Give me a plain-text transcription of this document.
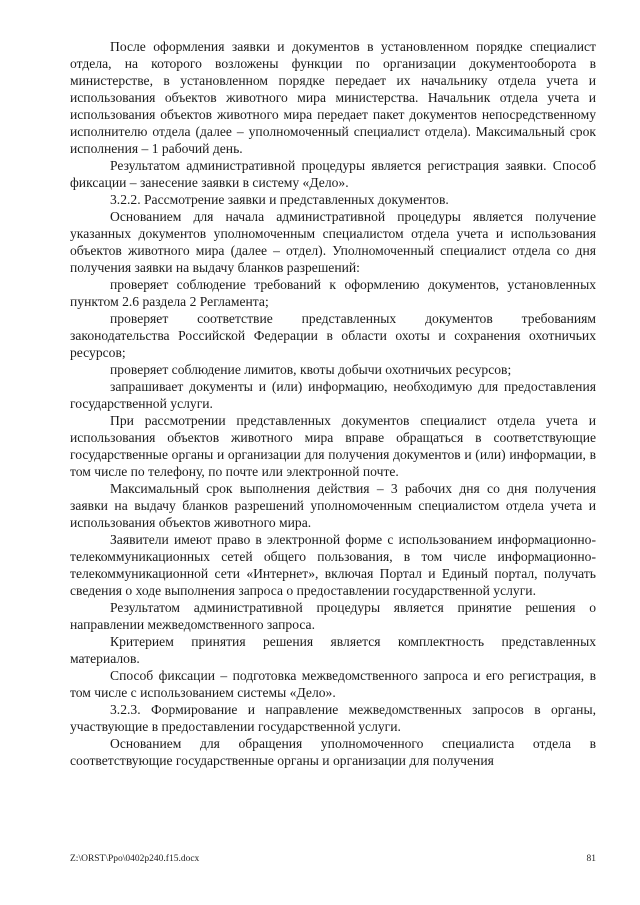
После оформления заявки и документов в установленном порядке специалист отдела, на которого возложены функции по организации документооборота в министерстве, в установленном порядке передает их начальнику отдела учета и использования объектов животного мира министерства. Начальник отдела учета и использования объектов животного мира передает пакет документов непосредственному исполнителю отдела (далее – уполномоченный специалист отдела). Максимальный срок исполнения – 1 рабочий день.

Результатом административной процедуры является регистрация заявки. Способ фиксации – занесение заявки в систему «Дело».

3.2.2. Рассмотрение заявки и представленных документов.

Основанием для начала административной процедуры является получение указанных документов уполномоченным специалистом отдела учета и использования объектов животного мира (далее – отдел). Уполномоченный специалист отдела со дня получения заявки на выдачу бланков разрешений:

проверяет соблюдение требований к оформлению документов, установленных пунктом 2.6 раздела 2 Регламента;

проверяет соответствие представленных документов требованиям законодательства Российской Федерации в области охоты и сохранения охотничьих ресурсов;

проверяет соблюдение лимитов, квоты добычи охотничьих ресурсов;

запрашивает документы и (или) информацию, необходимую для предоставления государственной услуги.

При рассмотрении представленных документов специалист отдела учета и использования объектов животного мира вправе обращаться в соответствующие государственные органы и организации для получения документов и (или) информации, в том числе по телефону, по почте или электронной почте.

Максимальный срок выполнения действия – 3 рабочих дня со дня получения заявки на выдачу бланков разрешений уполномоченным специалистом отдела учета и использования объектов животного мира.

Заявители имеют право в электронной форме с использованием информационно-телекоммуникационных сетей общего пользования, в том числе информационно-телекоммуникационной сети «Интернет», включая Портал и Единый портал, получать сведения о ходе выполнения запроса о предоставлении государственной услуги.

Результатом административной процедуры является принятие решения о направлении межведомственного запроса.

Критерием принятия решения является комплектность представленных материалов.

Способ фиксации – подготовка межведомственного запроса и его регистрация, в том числе с использованием системы «Дело».

3.2.3. Формирование и направление межведомственных запросов в органы, участвующие в предоставлении государственной услуги.

Основанием для обращения уполномоченного специалиста отдела в соответствующие государственные органы и организации для получения

Z:\ORST\Ppo\0402p240.f15.docx	81
